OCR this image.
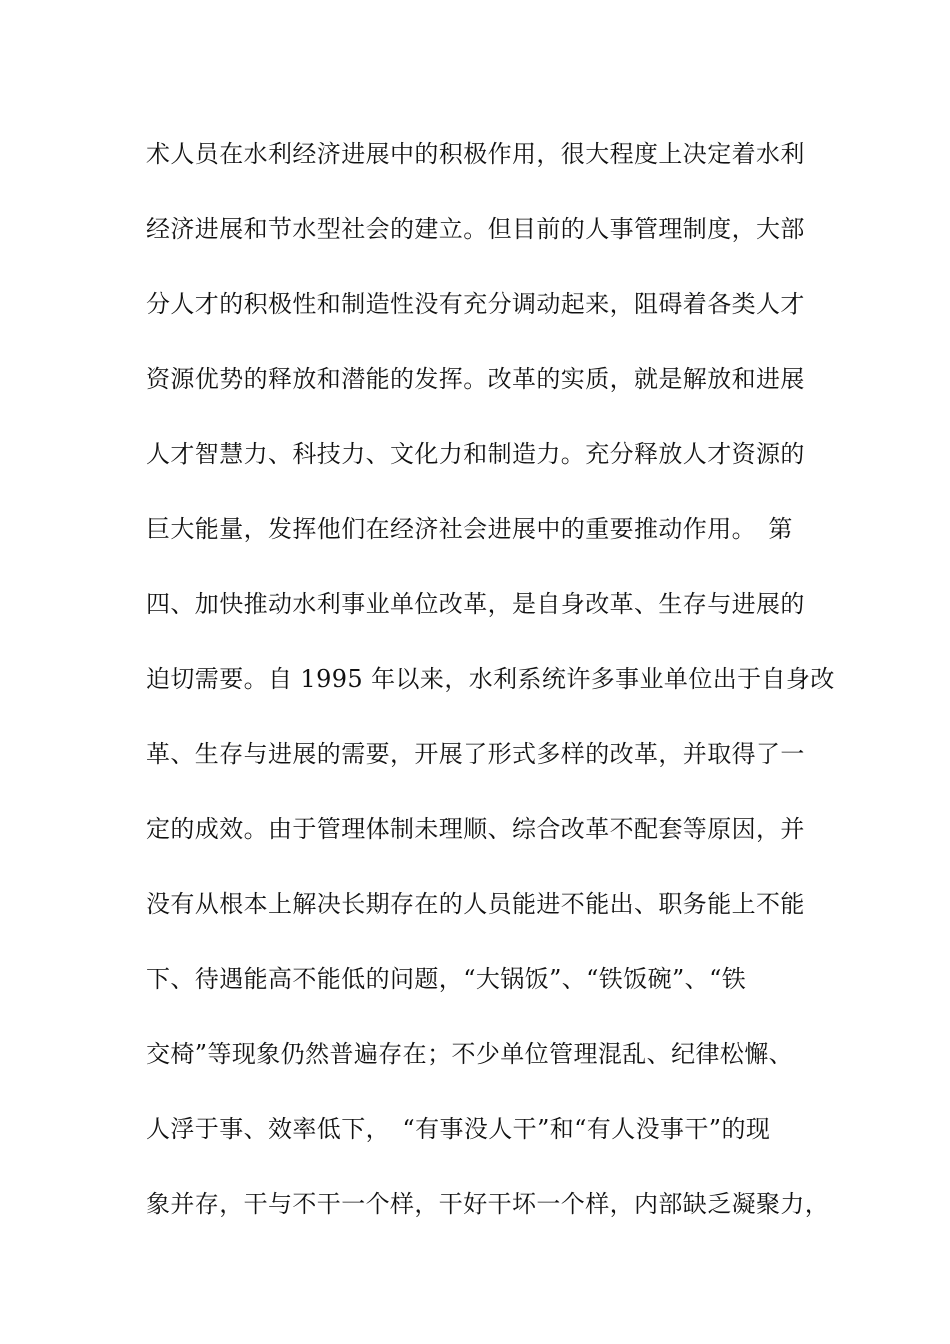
术人员在水利经济进展中的积极作用，很大程度上决定着水利
经济进展和节水型社会的建立。但目前的人事管理制度，大部
分人才的积极性和制造性没有充分调动起来，阻碍着各类人才
资源优势的释放和潜能的发挥。改革的实质，就是解放和进展
人才智慧力、科技力、文化力和制造力。充分释放人才资源的
巨大能量，发挥他们在经济社会进展中的重要推动作用。　第
四、加快推动水利事业单位改革，是自身改革、生存与进展的
迫切需要。自 1995 年以来，水利系统许多事业单位出于自身改
革、生存与进展的需要，开展了形式多样的改革，并取得了一
定的成效。由于管理体制未理顺、综合改革不配套等原因，并
没有从根本上解决长期存在的人员能进不能出、职务能上不能
下、待遇能高不能低的问题，“大锅饭”、“铁饭碗”、“铁
交椅”等现象仍然普遍存在；不少单位管理混乱、纪律松懈、
人浮于事、效率低下，　“有事没人干”和“有人没事干”的现
象并存，干与不干一个样，干好干坏一个样，内部缺乏凝聚力，
